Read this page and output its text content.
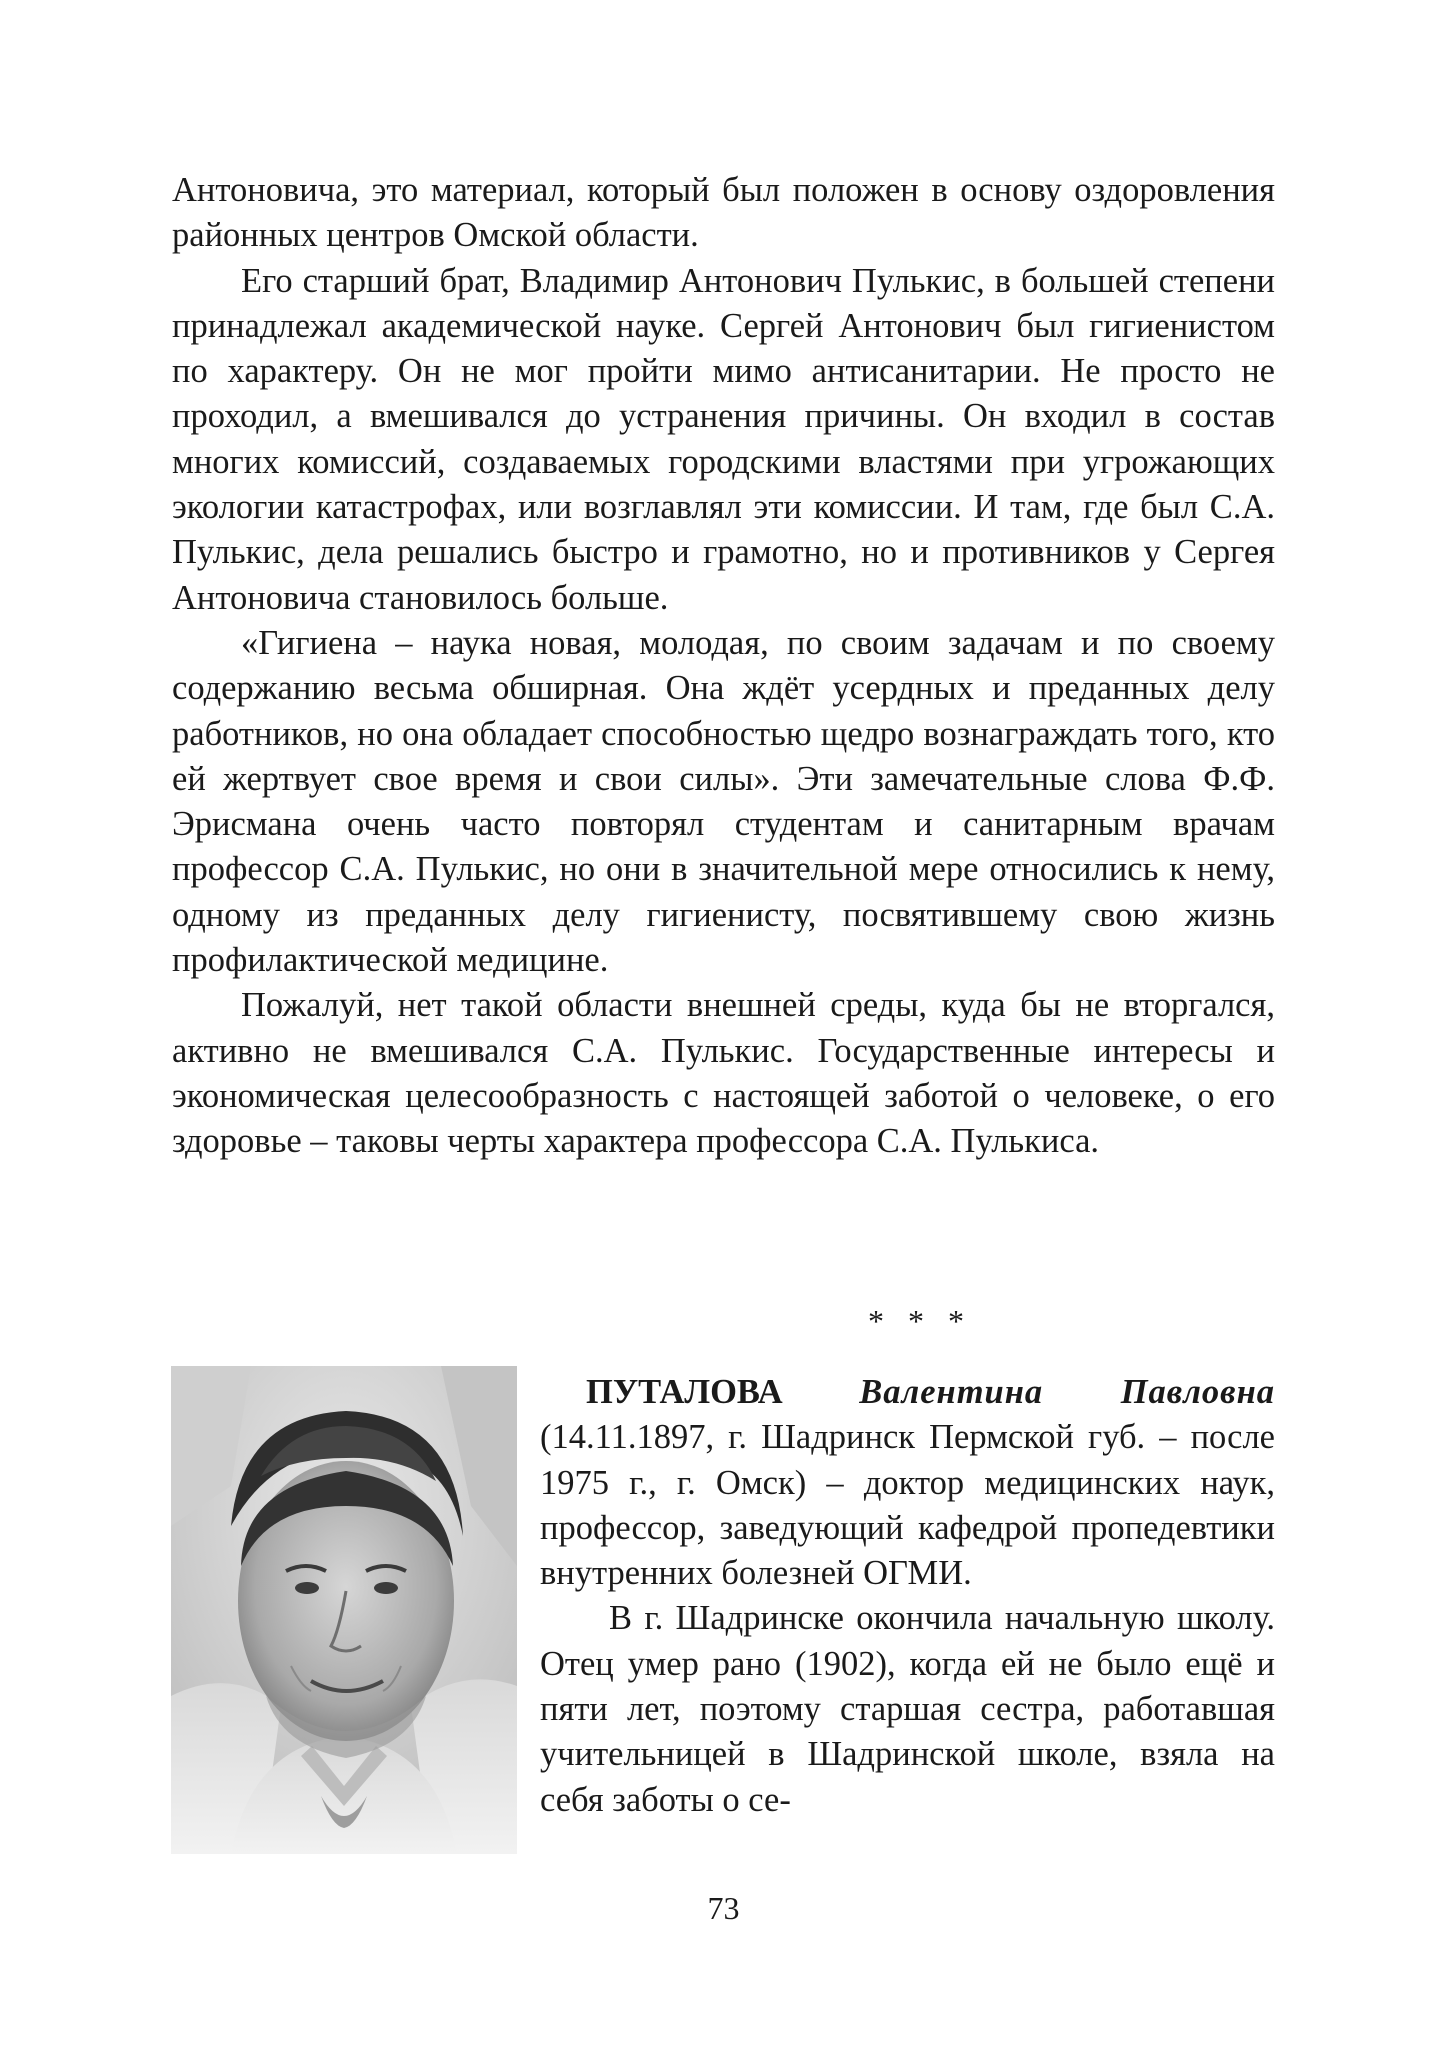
Антоновича, это материал, который был положен в основу оздоровления районных центров Омской области.

Его старший брат, Владимир Антонович Пулькис, в большей степени принадлежал академической науке. Сергей Антонович был гигиенистом по характеру. Он не мог пройти мимо антисанитарии. Не просто не проходил, а вмешивался до устранения причины. Он входил в состав многих комиссий, создаваемых городскими властями при угрожающих экологии катастрофах, или возглавлял эти комиссии. И там, где был С.А. Пулькис, дела решались быстро и грамотно, но и противников у Сергея Антоновича становилось больше.

«Гигиена – наука новая, молодая, по своим задачам и по своему содержанию весьма обширная. Она ждёт усердных и преданных делу работников, но она обладает способностью щедро вознаграждать того, кто ей жертвует свое время и свои силы». Эти замечательные слова Ф.Ф. Эрисмана очень часто повторял студентам и санитарным врачам профессор С.А. Пулькис, но они в значительной мере относились к нему, одному из преданных делу гигиенисту, посвятившему свою жизнь профилактической медицине.

Пожалуй, нет такой области внешней среды, куда бы не вторгался, активно не вмешивался С.А. Пулькис. Государственные интересы и экономическая целесообразность с настоящей заботой о человеке, о его здоровье – таковы черты характера профессора С.А. Пулькиса.

* * *

ПУТАЛОВА Валентина Павловна (14.11.1897, г. Шадринск Пермской губ. – после 1975 г., г. Омск) – доктор медицинских наук, профессор, заведующий кафедрой пропедевтики внутренних болезней ОГМИ.

В г. Шадринске окончила начальную школу. Отец умер рано (1902), когда ей не было ещё и пяти лет, поэтому старшая сестра, работавшая учительницей в Шадринской школе, взяла на себя заботы о се-

73
